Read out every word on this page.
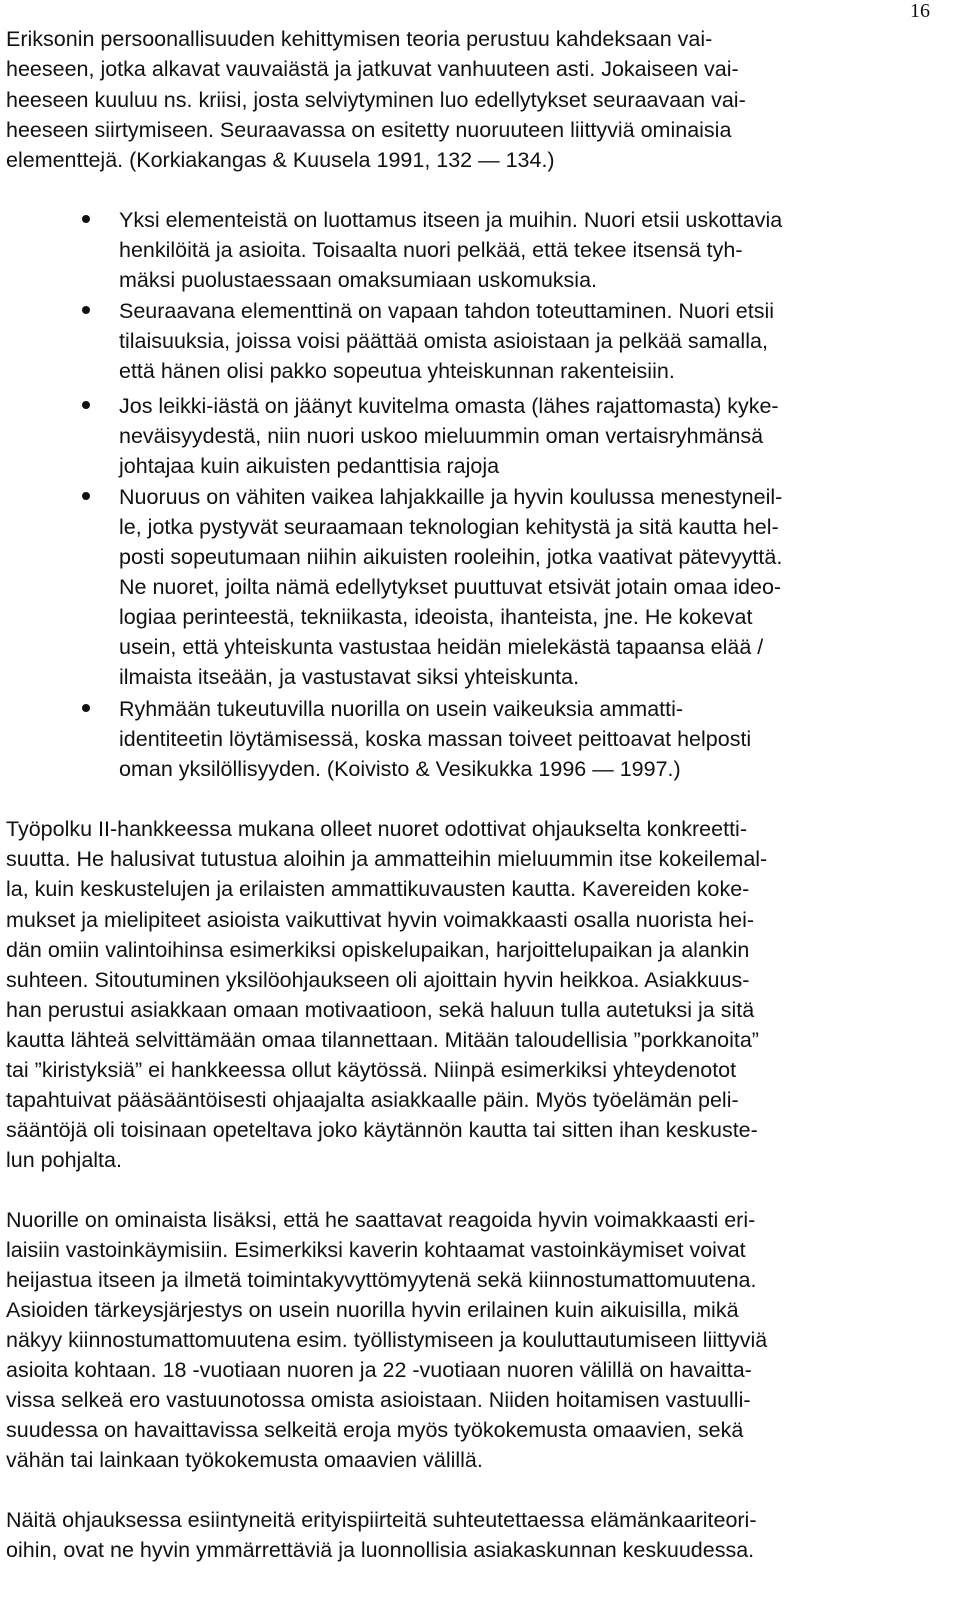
16
Eriksonin persoonallisuuden kehittymisen teoria perustuu kahdeksaan vai-
heeseen, jotka alkavat vauvaiästä ja jatkuvat vanhuuteen asti. Jokaiseen vai-
heeseen kuuluu ns. kriisi, josta selviytyminen luo edellytykset seuraavaan vai-
heeseen siirtymiseen. Seuraavassa on esitetty nuoruuteen liittyviä ominaisia
elementtejä. (Korkiakangas & Kuusela 1991, 132 — 134.)
Yksi elementeistä on luottamus itseen ja muihin. Nuori etsii uskottavia
henkilöitä ja asioita. Toisaalta nuori pelkää, että tekee itsensä tyh-
mäksi puolustaessaan omaksumiaan uskomuksia.
Seuraavana elementtinä on vapaan tahdon toteuttaminen. Nuori etsii
tilaisuuksia, joissa voisi päättää omista asioistaan ja pelkää samalla,
että hänen olisi pakko sopeutua yhteiskunnan rakenteisiin.
Jos leikki-iästä on jäänyt kuvitelma omasta (lähes rajattomasta) kyke-
neväisyydestä, niin nuori uskoo mieluummin oman vertaisryhmänsä
johtajaa kuin aikuisten pedanttisia rajoja
Nuoruus on vähiten vaikea lahjakkaille ja hyvin koulussa menestyneil-
le, jotka pystyvät seuraamaan teknologian kehitystä ja sitä kautta hel-
posti sopeutumaan niihin aikuisten rooleihin, jotka vaativat pätevyyttä.
Ne nuoret, joilta nämä edellytykset puuttuvat etsivät jotain omaa ideo-
logiaa perinteestä, tekniikasta, ideoista, ihanteista, jne. He kokevat
usein, että yhteiskunta vastustaa heidän mielekästä tapaansa elää /
ilmaista itseään, ja vastustavat siksi yhteiskunta.
Ryhmään tukeutuvilla nuorilla on usein vaikeuksia ammatti-
identiteetin löytämisessä, koska massan toiveet peittoavat helposti
oman yksilöllisyyden. (Koivisto & Vesikukka 1996 — 1997.)
Työpolku II-hankkeessa mukana olleet nuoret odottivat ohjaukselta konkreetti-
suutta. He halusivat tutustua aloihin ja ammatteihin mieluummin itse kokeilemal-
la, kuin keskustelujen ja erilaisten ammattikuvausten kautta. Kavereiden koke-
mukset ja mielipiteet asioista vaikuttivat hyvin voimakkaasti osalla nuorista hei-
dän omiin valintoihinsa esimerkiksi opiskelupaikan, harjoittelupaikan ja alankin
suhteen. Sitoutuminen yksilöohjaukseen oli ajoittain hyvin heikkoa. Asiakkuus-
han perustui asiakkaan omaan motivaatioon, sekä haluun tulla autetuksi ja sitä
kautta lähteä selvittämään omaa tilannettaan. Mitään taloudellisia ”porkkanoita”
tai ”kiristyksiä” ei hankkeessa ollut käytössä. Niinpä esimerkiksi yhteydenotot
tapahtuivat pääsääntöisesti ohjaajalta asiakkaalle päin. Myös työelämän peli-
sääntöjä oli toisinaan opeteltava joko käytännön kautta tai sitten ihan keskuste-
lun pohjalta.
Nuorille on ominaista lisäksi, että he saattavat reagoida hyvin voimakkaasti eri-
laisiin vastoinkäymisiin. Esimerkiksi kaverin kohtaamat vastoinkäymiset voivat
heijastua itseen ja ilmetä toimintakyvyttömyytenä sekä kiinnostumattomuutena.
Asioiden tärkeysjärjestys on usein nuorilla hyvin erilainen kuin aikuisilla, mikä
näkyy kiinnostumattomuutena esim. työllistymiseen ja kouluttautumiseen liittyviä
asioita kohtaan. 18 -vuotiaan nuoren ja 22 -vuotiaan nuoren välillä on havaitta-
vissa selkeä ero vastuunotossa omista asioistaan. Niiden hoitamisen vastuulli-
suudessa on havaittavissa selkeitä eroja myös työkokemusta omaavien, sekä
vähän tai lainkaan työkokemusta omaavien välillä.
Näitä ohjauksessa esiintyneitä erityispiirteitä suhteutettaessa elämänkaariteori-
oihin, ovat ne hyvin ymmärrettäviä ja luonnollisia asiakaskunnan keskuudessa.
